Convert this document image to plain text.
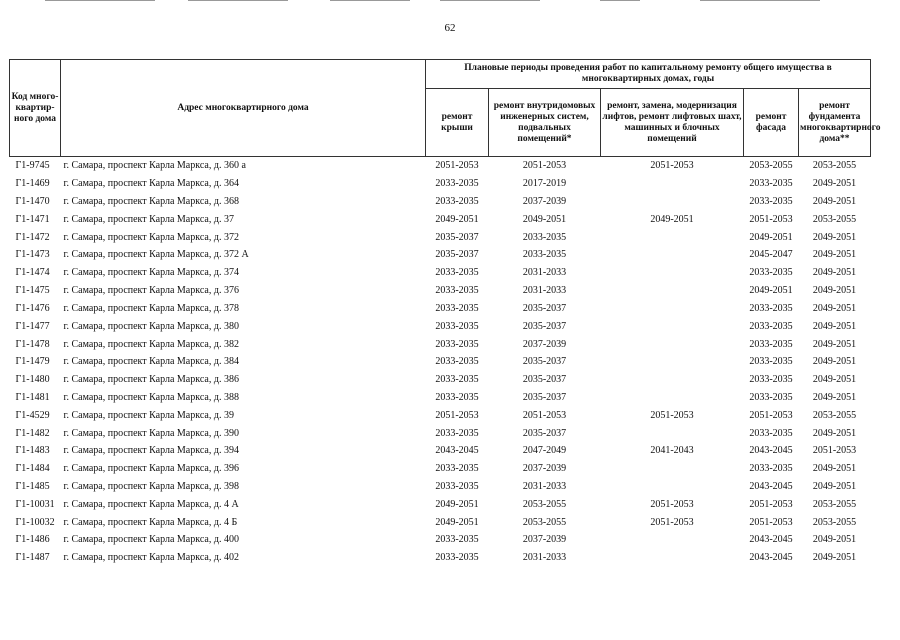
62
Код много-квартир-ного дома	Адрес многоквартирного дома	Плановые периоды проведения работ по капитальному ремонту общего имущества в многоквартирных домах, годы				
		ремонт крыши	ремонт внутридомовых инженерных систем, подвальных помещений*	ремонт, замена, модернизация лифтов, ремонт лифтовых шахт, машинных и блочных помещений	ремонт фасада	ремонт фундамента многоквартирного дома**
Г1-9745	г. Самара, проспект Карла Маркса, д. 360 а	2051-2053	2051-2053	2051-2053	2053-2055	2053-2055
Г1-1469	г. Самара, проспект Карла Маркса, д. 364	2033-2035	2017-2019		2033-2035	2049-2051
Г1-1470	г. Самара, проспект Карла Маркса, д. 368	2033-2035	2037-2039		2033-2035	2049-2051
Г1-1471	г. Самара, проспект Карла Маркса, д. 37	2049-2051	2049-2051	2049-2051	2051-2053	2053-2055
Г1-1472	г. Самара, проспект Карла Маркса, д. 372	2035-2037	2033-2035		2049-2051	2049-2051
Г1-1473	г. Самара, проспект Карла Маркса, д. 372 А	2035-2037	2033-2035		2045-2047	2049-2051
Г1-1474	г. Самара, проспект Карла Маркса, д. 374	2033-2035	2031-2033		2033-2035	2049-2051
Г1-1475	г. Самара, проспект Карла Маркса, д. 376	2033-2035	2031-2033		2049-2051	2049-2051
Г1-1476	г. Самара, проспект Карла Маркса, д. 378	2033-2035	2035-2037		2033-2035	2049-2051
Г1-1477	г. Самара, проспект Карла Маркса, д. 380	2033-2035	2035-2037		2033-2035	2049-2051
Г1-1478	г. Самара, проспект Карла Маркса, д. 382	2033-2035	2037-2039		2033-2035	2049-2051
Г1-1479	г. Самара, проспект Карла Маркса, д. 384	2033-2035	2035-2037		2033-2035	2049-2051
Г1-1480	г. Самара, проспект Карла Маркса, д. 386	2033-2035	2035-2037		2033-2035	2049-2051
Г1-1481	г. Самара, проспект Карла Маркса, д. 388	2033-2035	2035-2037		2033-2035	2049-2051
Г1-4529	г. Самара, проспект Карла Маркса, д. 39	2051-2053	2051-2053	2051-2053	2051-2053	2053-2055
Г1-1482	г. Самара, проспект Карла Маркса, д. 390	2033-2035	2035-2037		2033-2035	2049-2051
Г1-1483	г. Самара, проспект Карла Маркса, д. 394	2043-2045	2047-2049	2041-2043	2043-2045	2051-2053
Г1-1484	г. Самара, проспект Карла Маркса, д. 396	2033-2035	2037-2039		2033-2035	2049-2051
Г1-1485	г. Самара, проспект Карла Маркса, д. 398	2033-2035	2031-2033		2043-2045	2049-2051
Г1-10031	г. Самара, проспект Карла Маркса, д. 4 А	2049-2051	2053-2055	2051-2053	2051-2053	2053-2055
Г1-10032	г. Самара, проспект Карла Маркса, д. 4 Б	2049-2051	2053-2055	2051-2053	2051-2053	2053-2055
Г1-1486	г. Самара, проспект Карла Маркса, д. 400	2033-2035	2037-2039		2043-2045	2049-2051
Г1-1487	г. Самара, проспект Карла Маркса, д. 402	2033-2035	2031-2033		2043-2045	2049-2051
